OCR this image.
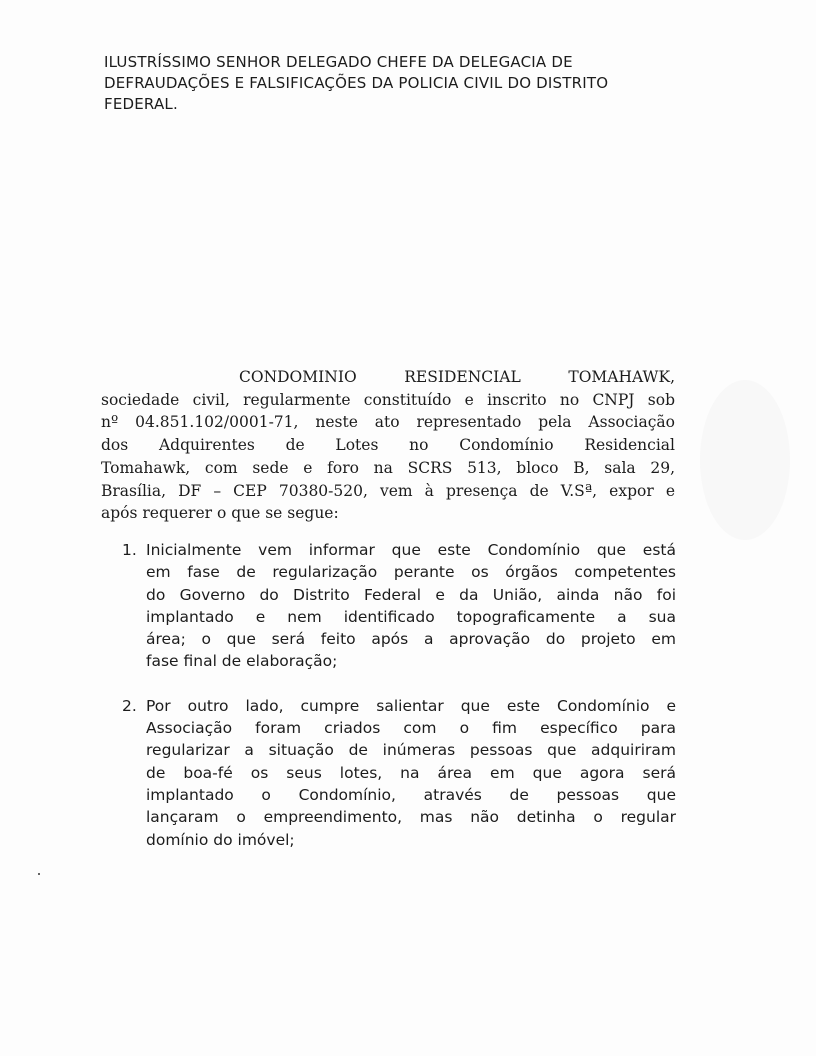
ILUSTRÍSSIMO SENHOR DELEGADO CHEFE DA DELEGACIA DE
DEFRAUDAÇÕES E FALSIFICAÇÕES DA POLICIA CIVIL DO DISTRITO
FEDERAL.
CONDOMINIO RESIDENCIAL TOMAHAWK,
sociedade civil, regularmente constituído e inscrito no CNPJ sob
nº 04.851.102/0001-71, neste ato representado pela Associação
dos Adquirentes de Lotes no Condomínio Residencial
Tomahawk, com sede e foro na SCRS 513, bloco B, sala 29,
Brasília, DF – CEP 70380-520, vem à presença de V.Sª, expor e
após requerer o que se segue:
1. Inicialmente vem informar que este Condomínio que está
em fase de regularização perante os órgãos competentes
do Governo do Distrito Federal e da União, ainda não foi
implantado e nem identificado topograficamente a sua
área; o que será feito após a aprovação do projeto em
fase final de elaboração;
2. Por outro lado, cumpre salientar que este Condomínio e
Associação foram criados com o fim específico para
regularizar a situação de inúmeras pessoas que adquiriram
de boa-fé os seus lotes, na área em que agora será
implantado o Condomínio, através de pessoas que
lançaram o empreendimento, mas não detinha o regular
domínio do imóvel;
